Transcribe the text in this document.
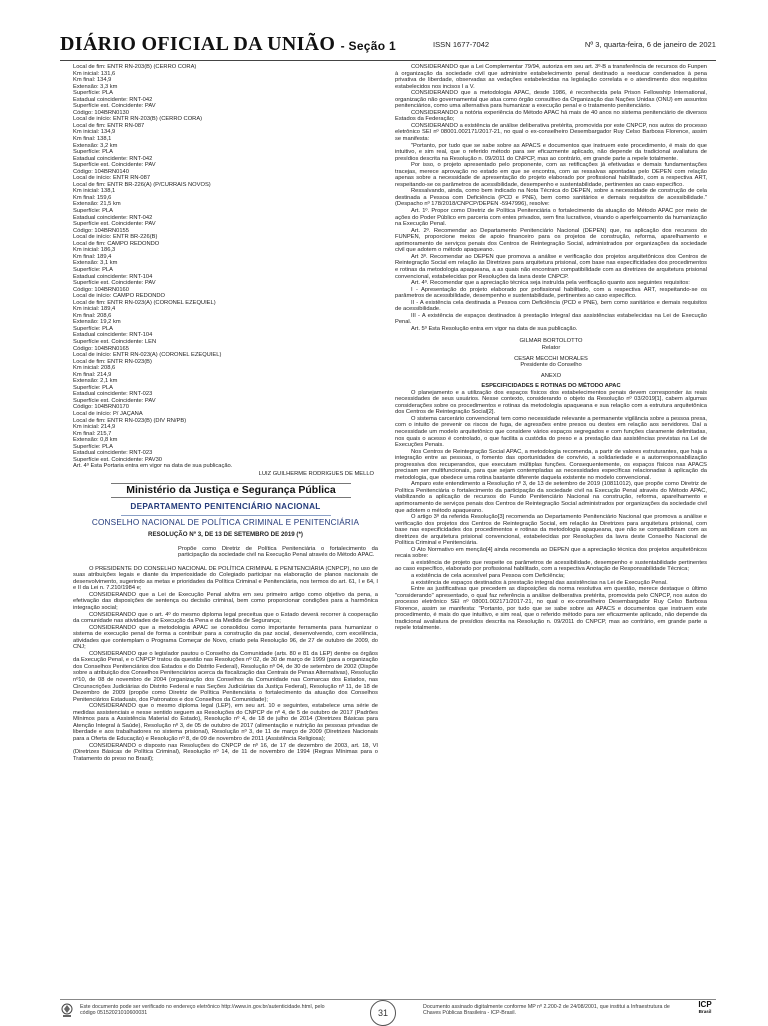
DIÁRIO OFICIAL DA UNIÃO - Seção 1	ISSN 1677-7042	Nº 3, quarta-feira, 6 de janeiro de 2021
Local de fim: ENTR RN-203(B) (CERRO CORÁ)
Km inicial: 131,6
Km final: 134,9
Extensão: 3,3 km
Superfície: PLA
Estadual coincidente: RNT-042
Superfície est. Coincidente: PAV
Código: 104BRN0130
Local de início: ENTR RN-203(B) (CERRO CORÁ)
Local de fim: ENTR RN-087
Km inicial: 134,9
Km final: 138,1
Extensão: 3,2 km
Superfície: PLA
Estadual coincidente: RNT-042
Superfície est. Coincidente: PAV
Código: 104BRN0140
Local de início: ENTR RN-087
Local de fim: ENTR BR-226(A) (P/CURRAIS NOVOS)
Km inicial: 138,1
Km final: 159,6
Extensão: 21,5 km
Superfície: PLA
Estadual coincidente: RNT-042
Superfície est. Coincidente: PAV
Código: 104BRN0155
Local de início: ENTR BR-226(B)
Local de fim: CAMPO REDONDO
Km inicial: 186,3
Km final: 189,4
Extensão: 3,1 km
Superfície: PLA
Estadual coincidente: RNT-104
Superfície est. Coincidente: PAV
Código: 104BRN0160
Local de início: CAMPO REDONDO
Local de fim: ENTR RN-023(A) (CORONEL EZEQUIEL)
Km inicial: 189,4
Km final: 208,6
Extensão: 19,2 km
Superfície: PLA
Estadual coincidente: RNT-104
Superfície est. Coincidente: LEN
Código: 104BRN0165
Local de início: ENTR RN-023(A) (CORONEL EZEQUIEL)
Local de fim: ENTR RN-023(B)
Km inicial: 208,6
Km final: 214,9
Extensão: 2,1 km
Superfície: PLA
Estadual coincidente: RNT-023
Superfície est. Coincidente: PAV
Código: 104BRN0170
Local de início: P/ JAÇANÃ
Local de fim: ENTR RN-023(B) (DIV RN/PB)
Km inicial: 214,9
Km final: 215,7
Extensão: 0,8 km
Superfície: PLA
Estadual coincidente: RNT-023
Superfície est. Coincidente: PAV30
Art. 4º Esta Portaria entra em vigor na data de sua publicação.
LUIZ GUILHERME RODRIGUES DE MELLO
Ministério da Justiça e Segurança Pública
DEPARTAMENTO PENITENCIÁRIO NACIONAL
CONSELHO NACIONAL DE POLÍTICA CRIMINAL E PENITENCIÁRIA
RESOLUÇÃO Nº 3, DE 13 DE SETEMBRO DE 2019 (*)
Propõe como Diretriz de Política Penitenciária o fortalecimento da participação da sociedade civil na Execução Penal através do Método APAC.
O PRESIDENTE DO CONSELHO NACIONAL DE POLÍTICA CRIMINAL E PENITENCIÁRIA (CNPCP), no uso de suas atribuições legais e diante da imperiosidade do Colegiado participar na elaboração de planos nacionais de desenvolvimento, sugerindo as metas e prioridades da Política Criminal e Penitenciária, nos termos do art. 61, I e 64, I e II da Lei n. 7.210/1984 e;
CONSIDERANDO que a Lei de Execução Penal alvitra em seu primeiro artigo como objetivo da pena, a efetivação das disposições de sentença ou decisão criminal, bem como proporcionar condições para a harmônica integração social;
CONSIDERANDO que o art. 4º do mesmo diploma legal preceitua que o Estado deverá recorrer à cooperação da comunidade nas atividades de Execução da Pena e da Medida de Segurança;
CONSIDERANDO que a metodologia APAC se consolidou como importante ferramenta para humanizar o sistema de execução penal de forma a contribuir para a construção da paz social, desenvolvendo, com excelência, atividades que contemplam o Programa Começar de Novo, criado pela Resolução 96, de 27 de outubro de 2009, do CNJ;
CONSIDERANDO que o legislador pautou o Conselho da Comunidade (arts. 80 e 81 da LEP) dentre os órgãos da Execução Penal, e o CNPCP tratou da questão nas Resoluções nº 02, de 30 de março de 1999 (para a organização dos Conselhos Penitenciários dos Estados e do Distrito Federal), Resolução nº 04, de 30 de setembro de 2002 (Dispõe sobre a atribuição dos Conselhos Penitenciários acerca da fiscalização das Centrais de Penas Alternativas), Resolução nº10, de 08 de novembro de 2004 (organização dos Conselhos da Comunidade nas Comarcas dos Estados, nas Circunscrições Judiciárias do Distrito Federal e nas Seções Judiciárias da Justiça Federal), Resolução nº 11, de 18 de Dezembro de 2009 (propõe como Diretriz de Política Penitenciária o fortalecimento da atuação dos Conselhos Penitenciários Estaduais, dos Patronatos e dos Conselhos da Comunidade);
CONSIDERANDO que o mesmo diploma legal (LEP), em seu art. 10 e seguintes, estabelece uma série de medidas assistenciais e nesse sentido seguem as Resoluções do CNPCP de nº 4, de 5 de outubro de 2017 (Padrões Mínimos para a Assistência Material do Estado), Resolução nº 4, de 18 de julho de 2014 (Diretrizes Básicas para Atenção Integral à Saúde), Resolução nº 3, de 05 de outubro de 2017 (alimentação e nutrição às pessoas privadas de liberdade e aos trabalhadores no sistema prisional), Resolução nº 3, de 11 de março de 2009 (Diretrizes Nacionais para a Oferta de Educação) e Resolução nº 8, de 09 de novembro de 2011 (Assistência Religiosa);
CONSIDERANDO o disposto nas Resoluções do CNPCP de nº 16, de 17 de dezembro de 2003, art. 18, VI (Diretrizes Básicas de Política Criminal), Resolução nº 14, de 11 de novembro de 1994 (Regras Mínimas para o Tratamento do preso no Brasil);
CONSIDERANDO que a Lei Complementar 79/94, autoriza em seu art. 3º-B a transferência de recursos do Funpen à organização da sociedade civil que administre estabelecimento penal destinado a reeducar condenados à pena privativa de liberdade, observadas as vedações estabelecidas na legislação correlata e o atendimento dos requisitos estabelecidos nos incisos I a V.
CONSIDERANDO que a metodologia APAC, desde 1986, é reconhecida pela Prison Fellowship International, organização não governamental que atua como órgão consultivo da Organização das Nações Unidas (ONU) em assuntos penitenciários, como uma alternativa para humanizar a execução penal e o tratamento penitenciário.
CONSIDERANDO a notória experiência do Método APAC há mais de 40 anos no sistema penitenciário de diversos Estados da Federação;
CONSIDERANDO a existência de análise deliberativa pretérita, promovida por este CNPCP, nos autos do processo eletrônico SEI nº 08001.002171/2017-21, no qual o ex-conselheiro Desembargador Ruy Celso Barbosa Florence, assim se manifesta:
"Portanto, por tudo que se sabe sobre as APACS e documentos que instruem este procedimento, é mais do que intuitivo, e sim real, que o referido método para ser eficazmente aplicado, não depende da tradicional avaliatura de presídios descrita na Resolução n. 09/2011 do CNPCP, mas ao contrário, em grande parte a repele totalmente.
Por isso, o projeto apresentado pelo proponente, com as retificações já efetivadas e demais fundamentações tracejas, merece aprovação no estado em que se encontra, com as ressalvas apontadas pelo DEPEN com relação apenas sobre a necessidade de apresentação do projeto elaborado por profissional habilitado, com a respectiva ART, respeitando-se os parâmetros de acessibilidade, desempenho e sustentabilidade, pertinentes ao caso específico.
Ressalvando, ainda, como bem indicado na Nota Técnica do DEPEN, sobre a necessidade de construção de cela destinada a Pessoa com Deficiência (PCD e PNE), bem como sanitários e demais requisitos de acessibilidade." (Despacho nº 178/2018/CNPCP/DEPEN -5947996), resolve:
Art. 1º. Propor como Diretriz de Política Penitenciária o fortalecimento da atuação do Método APAC por meio de ações do Poder Público em parceria com entes privados, sem fins lucrativos, visando o aperfeiçoamento da humanização na Execução Penal.
Art. 2º. Recomendar ao Departamento Penitenciário Nacional (DEPEN) que, na aplicação dos recursos do FUNPEN, proporcione meios de apoio financeiro para os projetos de construção, reforma, aparelhamento e aprimoramento de serviços penais dos Centros de Reintegração Social, administrados por organizações da sociedade civil que adotem o método apaqueano.
Art 3º. Recomendar ao DEPEN que promova a análise e verificação dos projetos arquitetônicos dos Centros de Reintegração Social em relação às Diretrizes para arquitetura prisional, com base nas especificidades dos procedimentos e rotinas da metodologia apaqueana, a as quais não encontram compatibilidade com as diretrizes de arquitetura prisional convencional, estabelecidas por Resoluções da lavra deste CNPCP.
Art. 4º. Recomendar que a apreciação técnica seja instruída pela verificação quanto aos seguintes requisitos:
I - Apresentação do projeto elaborado por profissional habilitado, com a respectiva ART, respeitando-se os parâmetros de acessibilidade, desempenho e sustentabilidade, pertinentes ao caso específico.
II - A existência cela destinada a Pessoa com Deficiência (PCD e PNE), bem como sanitários e demais requisitos de acessibilidade.
III - A existência de espaços destinados à prestação integral das assistências estabelecidas na Lei de Execução Penal.
Art. 5º Esta Resolução entra em vigor na data de sua publicação.
GILMAR BORTOLOTTO
Relator
CESAR MECCHI MORALES
Presidente do Conselho
ANEXO
ESPECIFICIDADES E ROTINAS DO MÉTODO APAC
O planejamento e a utilização dos espaços físicos dos estabelecimentos penais devem corresponder às reais necessidades de seus usuários. Nesse contexto, considerando o objeto da Resolução nº 03/2019[1], cabem algumas considerações sobre os procedimentos e rotinas da metodologia apaqueana e sua relação com a estrutura arquitetônica dos Centros de Reintegração Social[2].
O sistema carcerário convencional tem como necessidade relevante a permanente vigilância sobre a pessoa presa, com o intuito de prevenir os riscos de fuga, de agressões entre presos ou destes em relação aos servidores. Daí a necessidade um modelo arquitetônico que considere vários espaços segregados e com funções claramente delimitadas, nos quais o acesso é controlado, o que facilita a custódia do preso e a prestação das assistências previstas na Lei de Execuções Penais.
Nos Centros de Reintegração Social APAC, a metodologia recomenda, a partir de valores estruturantes, que haja a integração entre as pessoas, o fomento das oportunidades de convívio, a solidariedade e a autorresponsabilização progressiva dos recuperandos, que executam múltiplas funções. Consequentemente, os espaços físicos nas APACS precisam ser multifuncionais, para que sejam contempladas as necessidades específicas relacionadas à aplicação da metodologia, que obedece uma rotina bastante diferente daquela existente no modelo convencional.
Amparo este entendimento a Resolução nº 3, de 13 de setembro de 2019 (10811012), que propõe como Diretriz de Política Penitenciária o fortalecimento da participação da sociedade civil na Execução Penal através do Método APAC, viabilizando a aplicação de recursos do Fundo Penitenciário Nacional na construção, reforma, aparelhamento e aprimoramento de serviços penais dos Centros de Reintegração Social administrados por organizações da sociedade civil que adotem o método apaqueano.
O artigo 3º da referida Resolução[3] recomenda ao Departamento Penitenciário Nacional que promova a análise e verificação dos projetos dos Centros de Reintegração Social, em relação às Diretrizes para arquitetura prisional, com base nas especificidades dos procedimentos e rotinas da metodologia apaqueana, que não se compatibilizam com as diretrizes de arquitetura prisional convencional, estabelecidas por Resoluções da lavra deste Conselho Nacional de Política Criminal e Penitenciária.
O Ato Normativo em menção[4] ainda recomenda ao DEPEN que a apreciação técnica dos projetos arquitetônicos recaia sobre:
a existência de projeto que respeite os parâmetros de acessibilidade, desempenho e sustentabilidade pertinentes ao caso específico, elaborado por profissional habilitado, com a respectiva Anotação de Responsabilidade Técnica;
a existência de cela acessível para Pessoa com Deficiência;
a existência de espaços destinados à prestação integral das assistências na Lei de Execução Penal.
Entre as justificativas que precedem as disposições da norma resolutiva em questão, merece destaque o último "considerando" apresentado, o qual faz referência a análise deliberativa pretérita, promovida pelo CNPCP, nos autos do processo eletrônico SEI nº 08001.002171/2017-21, no qual o ex-conselheiro Desembargador Ruy Celso Barbosa Florence, assim se manifesta: "Portanto, por tudo que se sabe sobre as APACS e documentos que instruem este procedimento, é mais do que intuitivo, e sim real, que o referido método para ser eficazmente aplicado, não depende da tradicional avaliatura de presídios descrita na Resolução n. 09/2011 do CNPCP, mas ao contrário, em grande parte a repele totalmente.
Este documento pode ser verificado no endereço eletrônico http://www.in.gov.br/autenticidade.html, pelo código 05152021010600031	31
Documento assinado digitalmente conforme MP nº 2.200-2 de 24/08/2001, que institui a Infraestrutura de Chaves Públicas Brasileira - ICP-Brasil.
ICP
Brasil
